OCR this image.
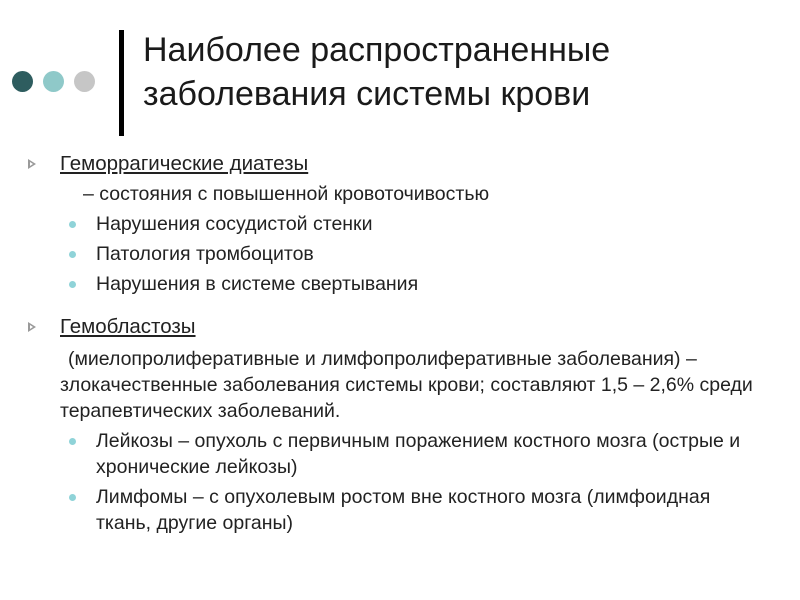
Наиболее распространенные
заболевания системы крови
Геморрагические диатезы
– состояния с повышенной кровоточивостью
Нарушения сосудистой стенки
Патология тромбоцитов
Нарушения в системе свертывания
Гемобластозы
(миелопролиферативные и лимфопролиферативные заболевания) – злокачественные заболевания системы крови; составляют 1,5 – 2,6% среди терапевтических заболеваний.
Лейкозы – опухоль с первичным поражением костного мозга (острые и хронические лейкозы)
Лимфомы – с опухолевым ростом вне костного мозга (лимфоидная ткань, другие органы)
